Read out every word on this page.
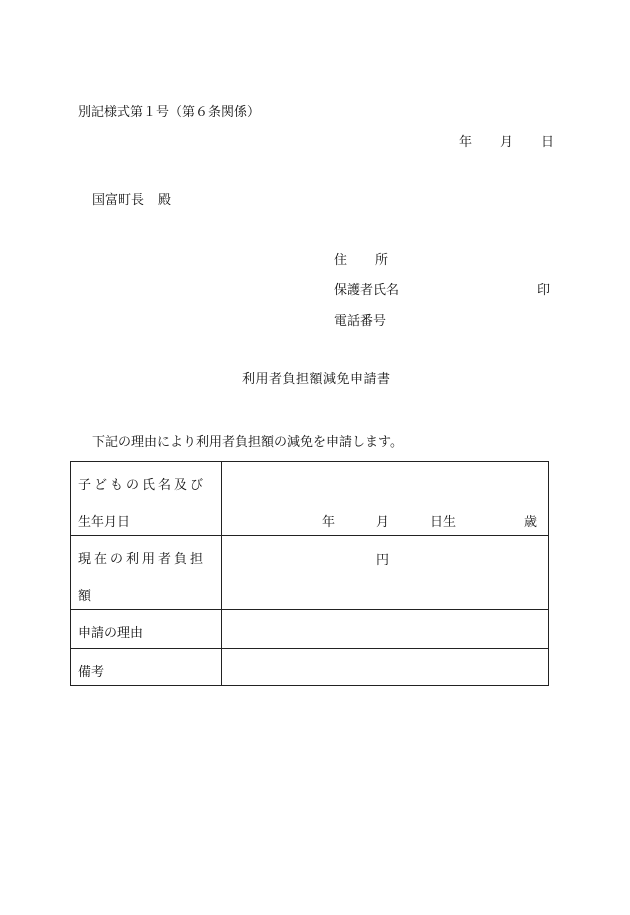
別記様式第１号（第６条関係）
年 月 日
国富町長 殿
住 所
保護者氏名	印
電話番号
利用者負担額減免申請書
下記の理由により利用者負担額の減免を申請します。
子どもの氏名及び
生年月日	年 月 日生 歳

現在の利用者負担
額	円

申請の理由	

備考	
